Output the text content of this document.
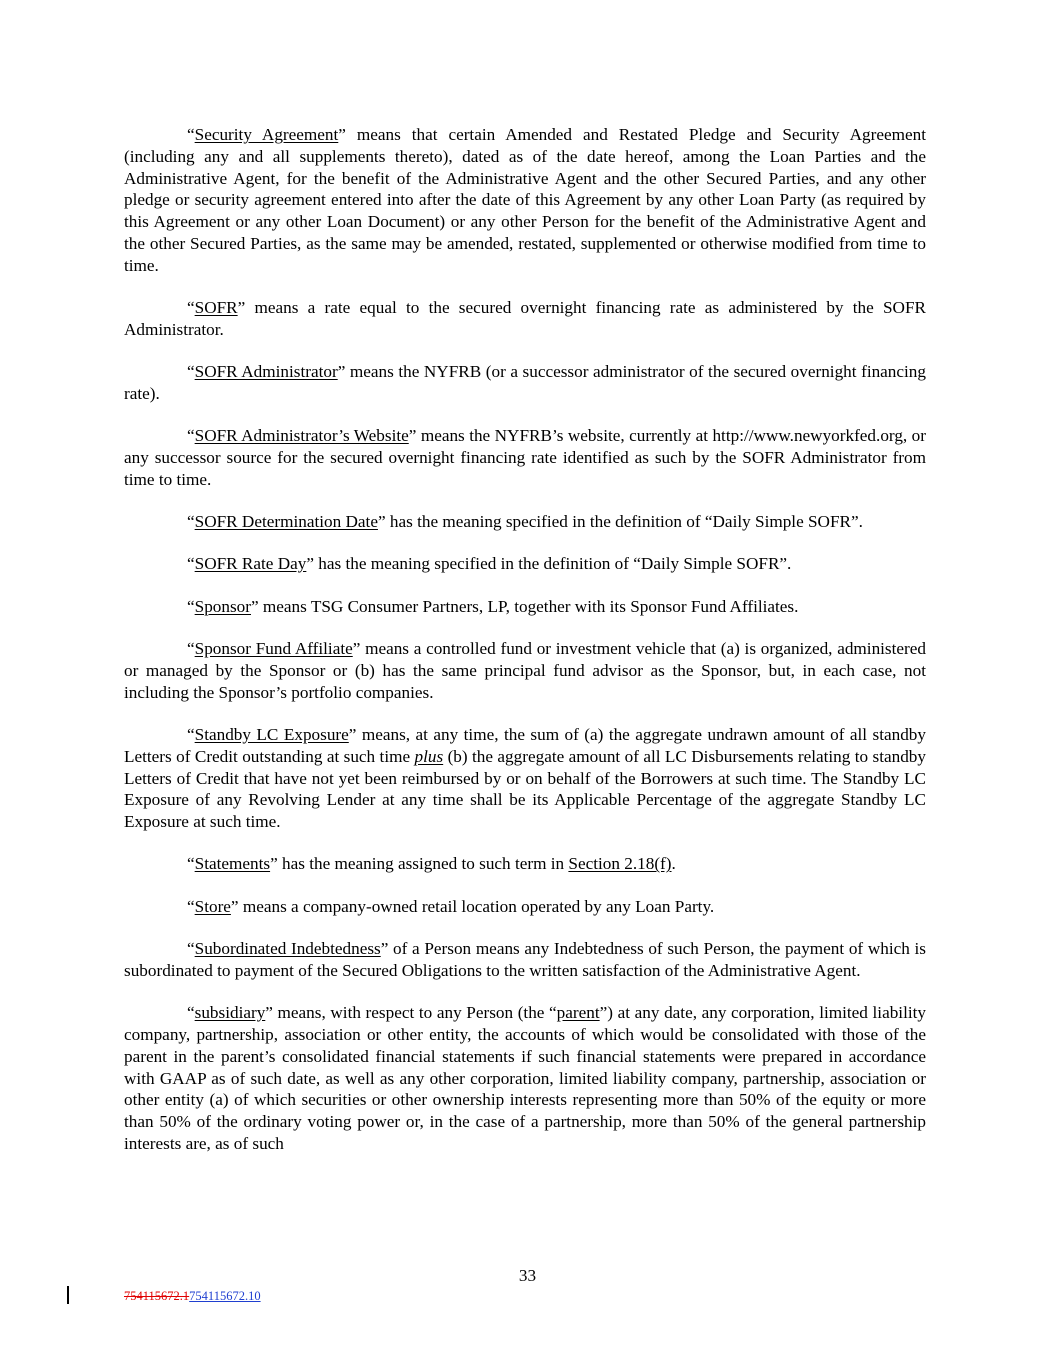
“Security Agreement” means that certain Amended and Restated Pledge and Security Agreement (including any and all supplements thereto), dated as of the date hereof, among the Loan Parties and the Administrative Agent, for the benefit of the Administrative Agent and the other Secured Parties, and any other pledge or security agreement entered into after the date of this Agreement by any other Loan Party (as required by this Agreement or any other Loan Document) or any other Person for the benefit of the Administrative Agent and the other Secured Parties, as the same may be amended, restated, supplemented or otherwise modified from time to time.

“SOFR” means a rate equal to the secured overnight financing rate as administered by the SOFR Administrator.

“SOFR Administrator” means the NYFRB (or a successor administrator of the secured overnight financing rate).

“SOFR Administrator’s Website” means the NYFRB’s website, currently at http://www.newyorkfed.org, or any successor source for the secured overnight financing rate identified as such by the SOFR Administrator from time to time.

“SOFR Determination Date” has the meaning specified in the definition of “Daily Simple SOFR”.

“SOFR Rate Day” has the meaning specified in the definition of “Daily Simple SOFR”.

“Sponsor” means TSG Consumer Partners, LP, together with its Sponsor Fund Affiliates.

“Sponsor Fund Affiliate” means a controlled fund or investment vehicle that (a) is organized, administered or managed by the Sponsor or (b) has the same principal fund advisor as the Sponsor, but, in each case, not including the Sponsor’s portfolio companies.

“Standby LC Exposure” means, at any time, the sum of (a) the aggregate undrawn amount of all standby Letters of Credit outstanding at such time plus (b) the aggregate amount of all LC Disbursements relating to standby Letters of Credit that have not yet been reimbursed by or on behalf of the Borrowers at such time. The Standby LC Exposure of any Revolving Lender at any time shall be its Applicable Percentage of the aggregate Standby LC Exposure at such time.

“Statements” has the meaning assigned to such term in Section 2.18(f).

“Store” means a company-owned retail location operated by any Loan Party.

“Subordinated Indebtedness” of a Person means any Indebtedness of such Person, the payment of which is subordinated to payment of the Secured Obligations to the written satisfaction of the Administrative Agent.

“subsidiary” means, with respect to any Person (the “parent”) at any date, any corporation, limited liability company, partnership, association or other entity, the accounts of which would be consolidated with those of the parent in the parent’s consolidated financial statements if such financial statements were prepared in accordance with GAAP as of such date, as well as any other corporation, limited liability company, partnership, association or other entity (a) of which securities or other ownership interests representing more than 50% of the equity or more than 50% of the ordinary voting power or, in the case of a partnership, more than 50% of the general partnership interests are, as of such

33
754115672.1754115672.10
